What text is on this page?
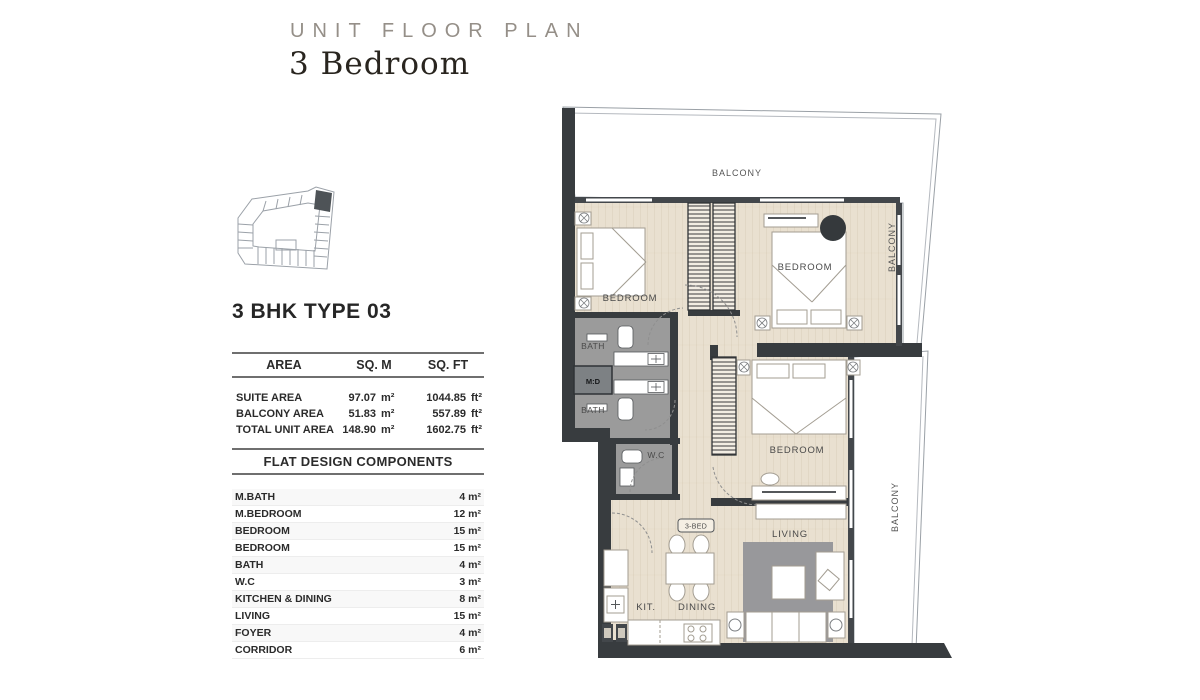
UNIT FLOOR PLAN
3 Bedroom
3 BHK TYPE 03
AREA	SQ. M	SQ. FT
SUITE AREA	97.07 m²	1044.85 ft²
BALCONY AREA	51.83 m²	557.89 ft²
TOTAL UNIT AREA 148.90 m²	1602.75 ft²
FLAT DESIGN COMPONENTS
M.BATH	4 m²
M.BEDROOM	12 m²
BEDROOM	15 m²
BEDROOM	15 m²
BATH	4 m²
W.C	3 m²
KITCHEN & DINING	8 m²
LIVING	15 m²
FOYER	4 m²
CORRIDOR	6 m²
M:D
BALCONY
BALCONY
BALCONY
BEDROOM
BEDROOM
BEDROOM
BATH
BATH
W.C
LIVING
DINING
KIT.
3-BED
